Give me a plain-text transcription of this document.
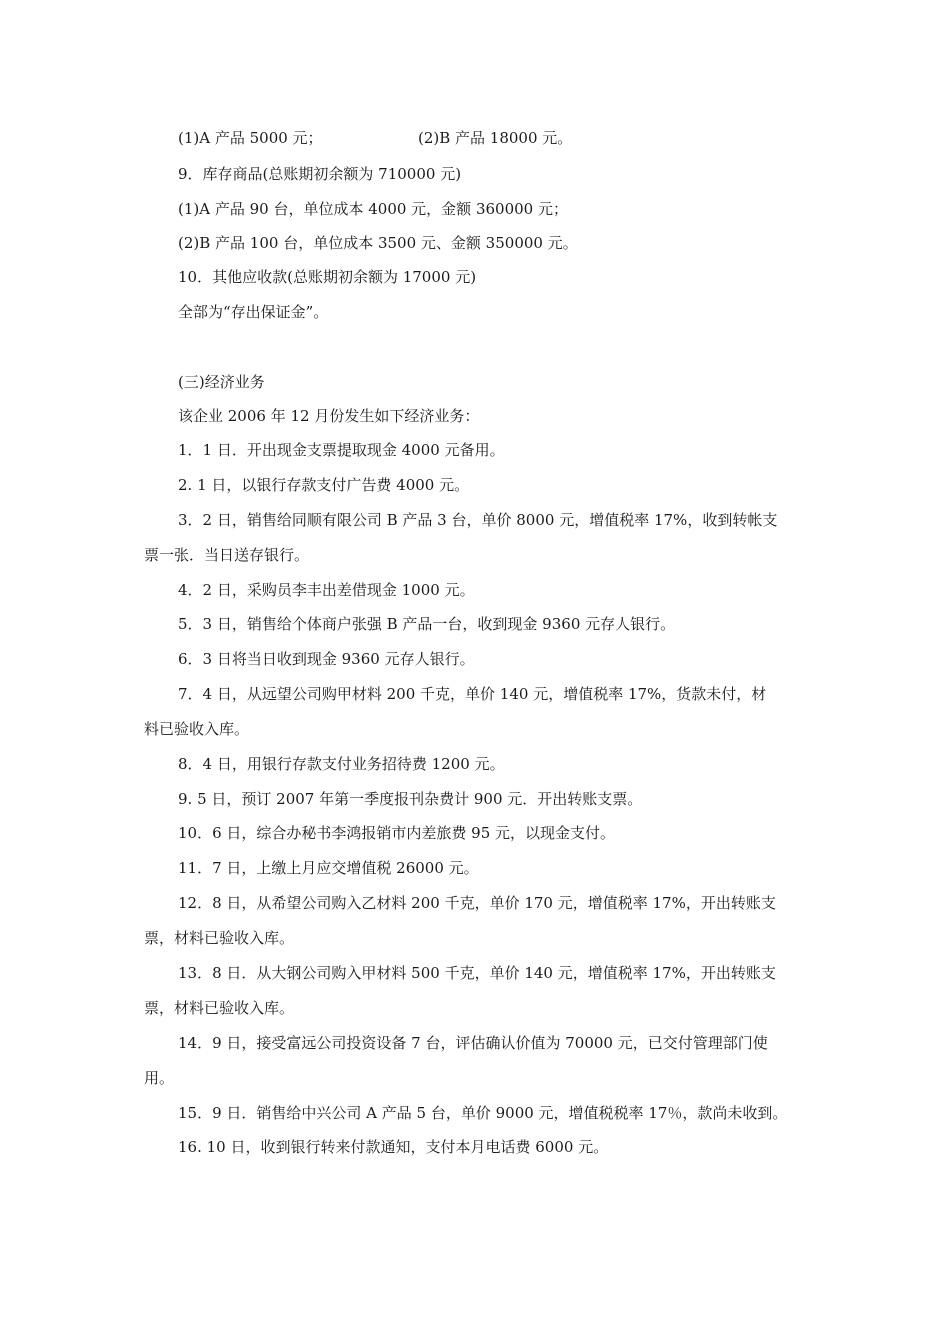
(1)A 产品 5000 元；	(2)B 产品 18000 元。
9．库存商品(总账期初余额为 710000 元)
(1)A 产品 90 台，单位成本 4000 元，金额 360000 元；
(2)B 产品 100 台，单位成本 3500 元、金额 350000 元。
10．其他应收款(总账期初余额为 17000 元)
全部为“存出保证金”。
(三)经济业务
该企业 2006 年 12 月份发生如下经济业务：
1．1 日．开出现金支票提取现金 4000 元备用。
2. 1 日，以银行存款支付广告费 4000 元。
3．2 日，销售给同顺有限公司 B 产品 3 台，单价 8000 元，增值税率 17%，收到转帐支
票一张．当日送存银行。
4．2 日，采购员李丰出差借现金 1000 元。
5．3 日，销售给个体商户张强 B 产品一台，收到现金 9360 元存人银行。
6．3 日将当日收到现金 9360 元存人银行。
7．4 日，从远望公司购甲材料 200 千克，单价 140 元，增值税率 17%，货款未付，材
料已验收入库。
8．4 日，用银行存款支付业务招待费 1200 元。
9. 5 日，预订 2007 年第一季度报刊杂费计 900 元．开出转账支票。
10．6 日，综合办秘书李鸿报销市内差旅费 95 元，以现金支付。
11．7 日，上缴上月应交增值税 26000 元。
12．8 日，从希望公司购入乙材料 200 千克，单价 170 元，增值税率 17%，开出转账支
票，材料已验收入库。
13．8 日．从大钢公司购入甲材料 500 千克，单价 140 元，增值税率 17%，开出转账支
票，材料已验收入库。
14．9 日，接受富远公司投资设备 7 台，评估确认价值为 70000 元，已交付管理部门使
用。
15．9 日．销售给中兴公司 A 产品 5 台，单价 9000 元，增值税税率 17％，款尚未收到。
16. 10 日，收到银行转来付款通知，支付本月电话费 6000 元。
